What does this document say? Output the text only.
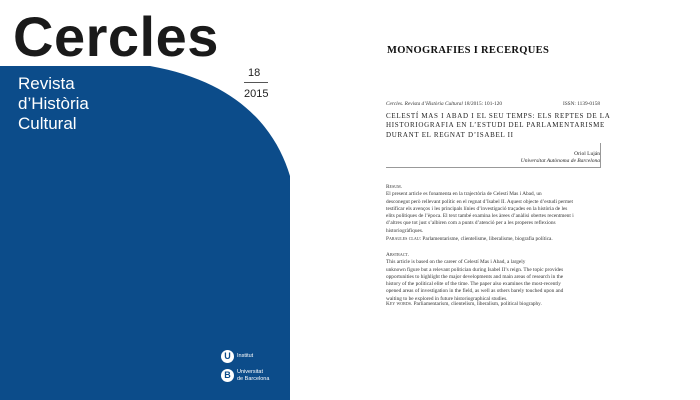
Cercles
Revista
d’Història
Cultural
18
2015
U	Institut
B	Universitat
de Barcelona
MONOGRAFIES I RECERQUES
Cercles. Revista d’Història Cultural 18/2015: 101-120	ISSN: 1139-0158
CELESTÍ MAS I ABAD I EL SEU TEMPS: ELS REPTES DE LA
HISTORIOGRAFIA EN L’ESTUDI DEL PARLAMENTARISME
DURANT EL REGNAT D’ISABEL II
Oriol Luján
Universitat Autònoma de Barcelona
Resum.
El present article es fonamenta en la trajectòria de Celestí Mas i Abad, un
desconegut però rellevant polític en el regnat d’Isabel II. Aquest objecte d’estudi permet
testificar els avenços i les principals línies d’investigació traçades en la història de les
elits polítiques de l’època. El text també examina les àrees d’anàlisi obertes recentment i
d’altres que tot just s’albiren com a punts d’atenció per a les properes reflexions
historiogràfiques.
Paraules clau: Parlamentarisme, clientelisme, liberalisme, biografia política.
Abstract.
This article is based on the career of Celestí Mas i Abad, a largely
unknown figure but a relevant politician during Isabel II’s reign. The topic provides
opportunities to highlight the major developments and main areas of research in the
history of the political elite of the time. The paper also examines the most-recently
opened areas of investigation in the field, as well as others barely touched upon and
waiting to be explored in future historiographical studies.
Key words. Parliamentarism, clientelism, liberalism, political biography.
